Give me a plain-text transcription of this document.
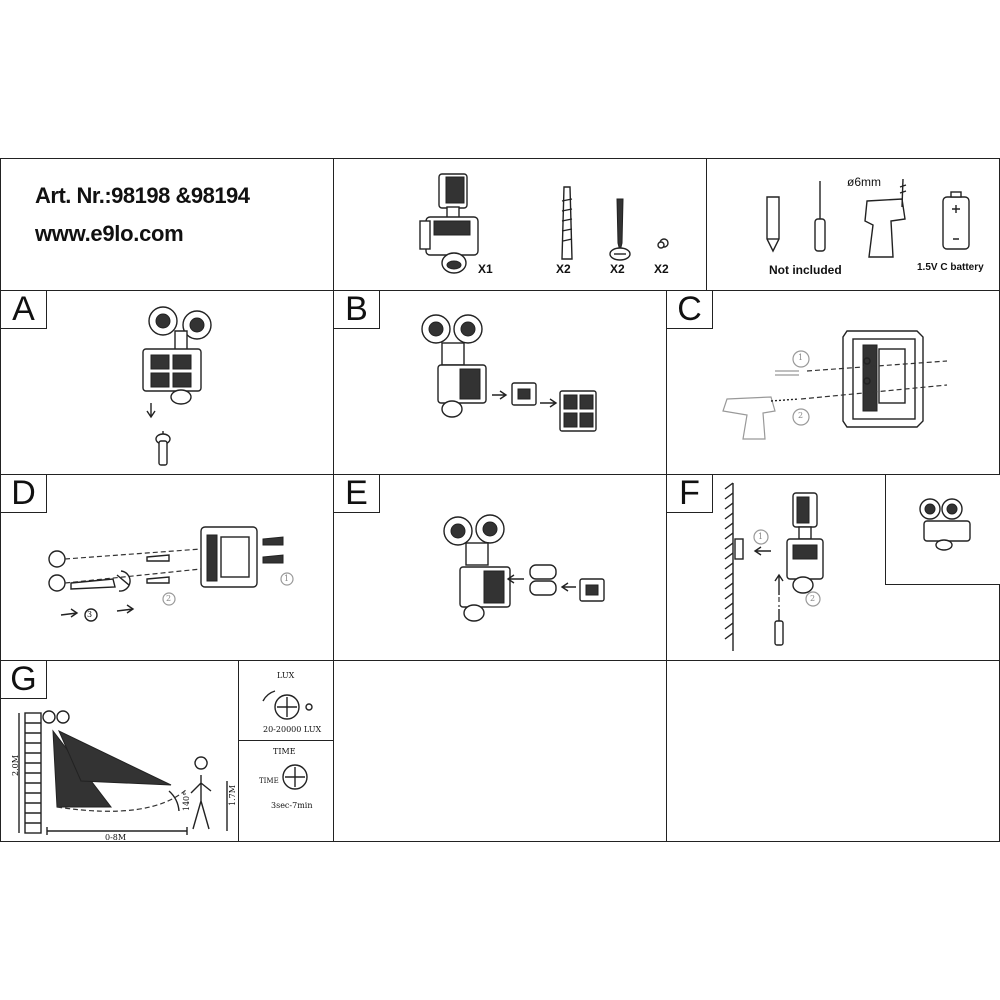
Art. Nr.:98198 &98194
www.e9lo.com
X1	X2	X2 X2
ø6mm
Not included	1.5V C battery
A	B	C
1
2
D
3
2
1
E	F
1
2
G
2.0M
0-8M
140°	1.7M
LUX
20-20000 LUX
TIME
TIME
3sec-7min
